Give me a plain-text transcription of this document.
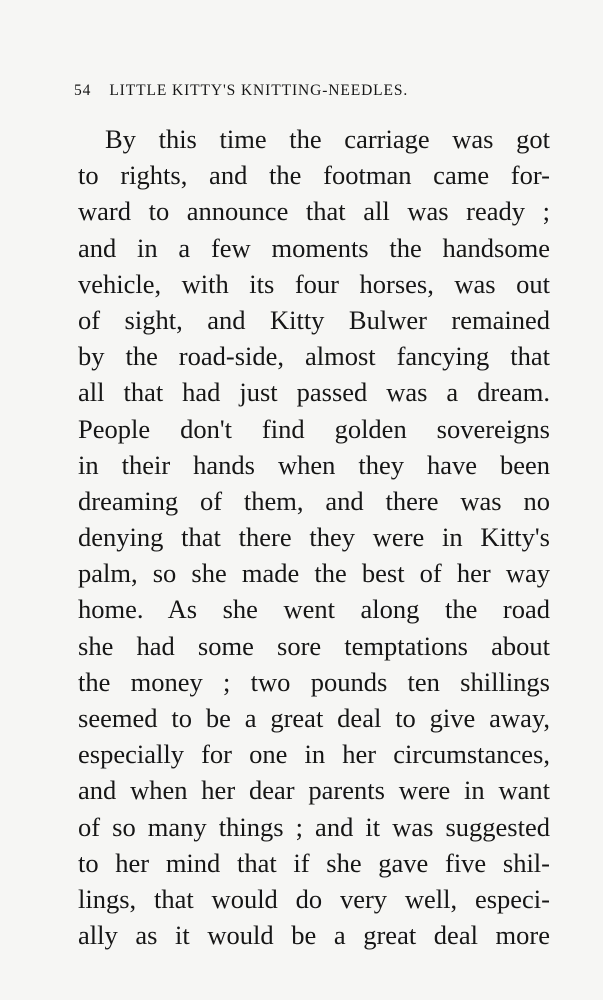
54 LITTLE KITTY'S KNITTING-NEEDLES.
By this time the carriage was got
to rights, and the footman came for-
ward to announce that all was ready ;
and in a few moments the handsome
vehicle, with its four horses, was out
of sight, and Kitty Bulwer remained
by the road-side, almost fancying that
all that had just passed was a dream.
People don't find golden sovereigns
in their hands when they have been
dreaming of them, and there was no
denying that there they were in Kitty's
palm, so she made the best of her way
home. As she went along the road
she had some sore temptations about
the money ; two pounds ten shillings
seemed to be a great deal to give away,
especially for one in her circumstances,
and when her dear parents were in want
of so many things ; and it was suggested
to her mind that if she gave five shil-
lings, that would do very well, especi-
ally as it would be a great deal more
